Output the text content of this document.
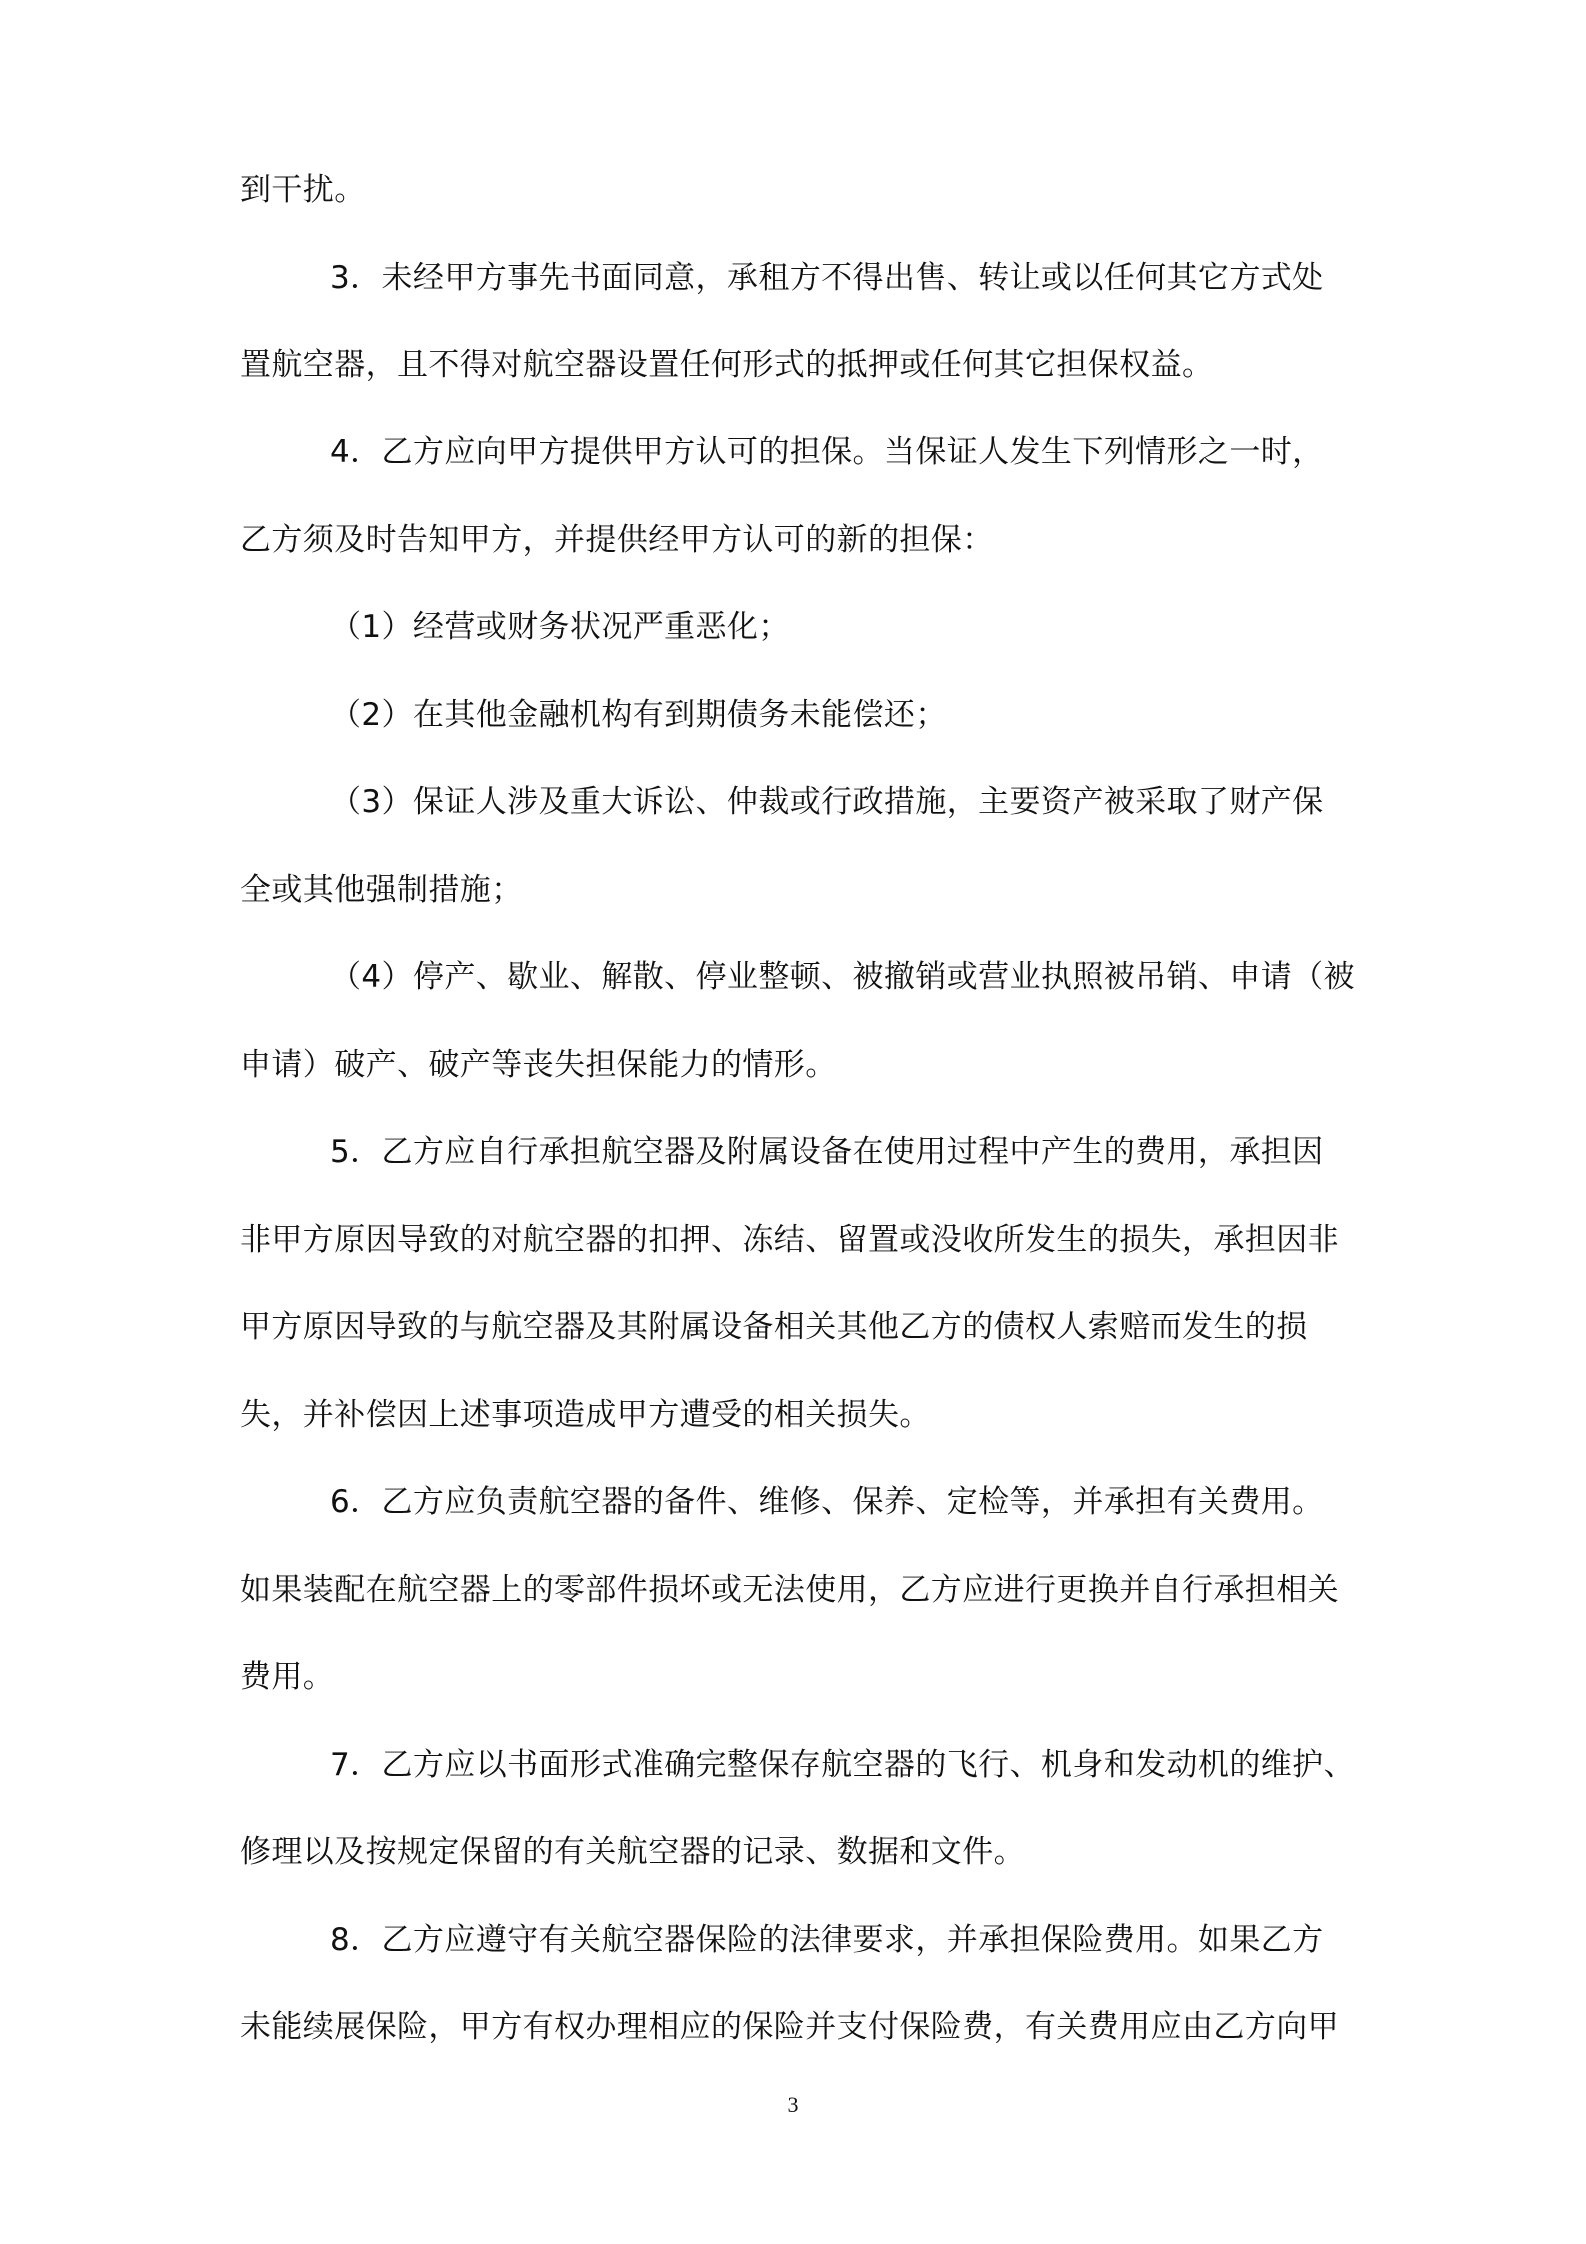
到干扰。
3．未经甲方事先书面同意，承租方不得出售、转让或以任何其它方式处
置航空器，且不得对航空器设置任何形式的抵押或任何其它担保权益。
4．乙方应向甲方提供甲方认可的担保。当保证人发生下列情形之一时，
乙方须及时告知甲方，并提供经甲方认可的新的担保：
（1）经营或财务状况严重恶化；
（2）在其他金融机构有到期债务未能偿还；
（3）保证人涉及重大诉讼、仲裁或行政措施，主要资产被采取了财产保
全或其他强制措施；
（4）停产、歇业、解散、停业整顿、被撤销或营业执照被吊销、申请（被
申请）破产、破产等丧失担保能力的情形。
5．乙方应自行承担航空器及附属设备在使用过程中产生的费用，承担因
非甲方原因导致的对航空器的扣押、冻结、留置或没收所发生的损失，承担因非
甲方原因导致的与航空器及其附属设备相关其他乙方的债权人索赔而发生的损
失，并补偿因上述事项造成甲方遭受的相关损失。
6．乙方应负责航空器的备件、维修、保养、定检等，并承担有关费用。
如果装配在航空器上的零部件损坏或无法使用，乙方应进行更换并自行承担相关
费用。
7．乙方应以书面形式准确完整保存航空器的飞行、机身和发动机的维护、
修理以及按规定保留的有关航空器的记录、数据和文件。
8．乙方应遵守有关航空器保险的法律要求，并承担保险费用。如果乙方
未能续展保险，甲方有权办理相应的保险并支付保险费，有关费用应由乙方向甲
3
